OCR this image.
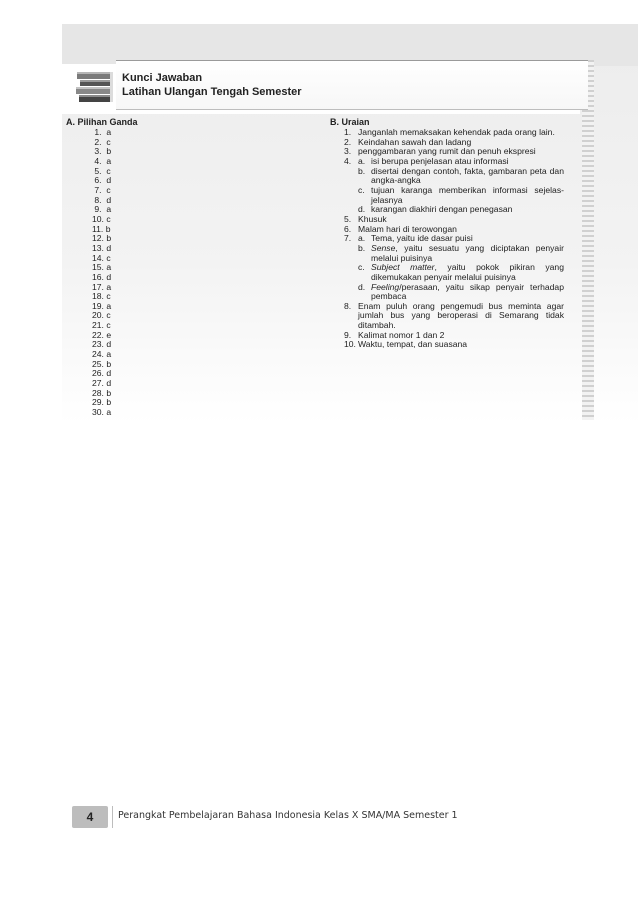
Kunci Jawaban
Latihan Ulangan Tengah Semester
A. Pilihan Ganda	B. Uraian
1.  a
2.  c
3.  b
4.  a
5.  c
6.  d
7.  c
8.  d
9.  a
10. c
11. b
12. b
13. d
14. c
15. a
16. d
17. a
18. c
19. a
20. c
21. c
22. e
23. d
24. a
25. b
26. d
27. d
28. b
29. b
30. a
1. Janganlah memaksakan kehendak pada orang lain.
2. Keindahan sawah dan ladang
3. penggambaran yang rumit dan penuh ekspresi
4. a. isi berupa penjelasan atau informasi
b. disertai dengan contoh, fakta, gambaran peta dan angka-angka
c. tujuan karanga memberikan informasi sejelas-jelasnya
d. karangan diakhiri dengan penegasan
5. Khusuk
6. Malam hari di terowongan
7. a. Tema, yaitu ide dasar puisi
b. Sense, yaitu sesuatu yang diciptakan penyair melalui puisinya
c. Subject matter, yaitu pokok pikiran yang dikemukakan penyair melalui puisinya
d. Feeling/perasaan, yaitu sikap penyair terhadap pembaca
8. Enam puluh orang pengemudi bus meminta agar jumlah bus yang beroperasi di Semarang tidak ditambah.
9. Kalimat nomor 1 dan 2
10. Waktu, tempat, dan suasana
4	Perangkat Pembelajaran Bahasa Indonesia Kelas X SMA/MA Semester 1
